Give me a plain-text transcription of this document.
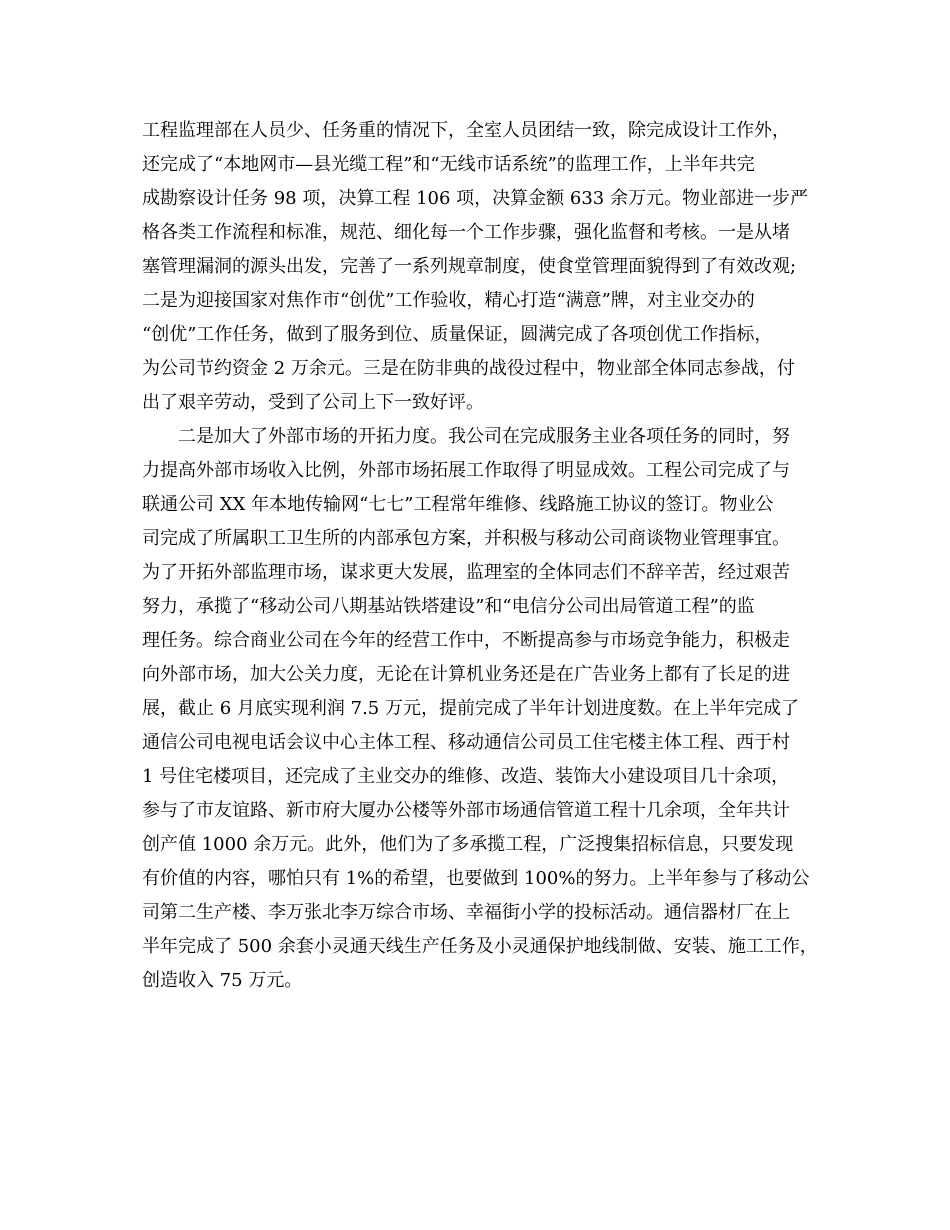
工程监理部在人员少、任务重的情况下，全室人员团结一致，除完成设计工作外，
还完成了“本地网市—县光缆工程”和“无线市话系统”的监理工作，上半年共完
成勘察设计任务 98 项，决算工程 106 项，决算金额 633 余万元。物业部进一步严
格各类工作流程和标准，规范、细化每一个工作步骤，强化监督和考核。一是从堵
塞管理漏洞的源头出发，完善了一系列规章制度，使食堂管理面貌得到了有效改观;
二是为迎接国家对焦作市“创优”工作验收，精心打造“满意”牌，对主业交办的
“创优”工作任务，做到了服务到位、质量保证，圆满完成了各项创优工作指标，
为公司节约资金 2 万余元。三是在防非典的战役过程中，物业部全体同志参战，付
出了艰辛劳动，受到了公司上下一致好评。
　　二是加大了外部市场的开拓力度。我公司在完成服务主业各项任务的同时，努
力提高外部市场收入比例，外部市场拓展工作取得了明显成效。工程公司完成了与
联通公司 XX 年本地传输网“七七”工程常年维修、线路施工协议的签订。物业公
司完成了所属职工卫生所的内部承包方案，并积极与移动公司商谈物业管理事宜。
为了开拓外部监理市场，谋求更大发展，监理室的全体同志们不辞辛苦，经过艰苦
努力，承揽了“移动公司八期基站铁塔建设”和“电信分公司出局管道工程”的监
理任务。综合商业公司在今年的经营工作中，不断提高参与市场竞争能力，积极走
向外部市场，加大公关力度，无论在计算机业务还是在广告业务上都有了长足的进
展，截止 6 月底实现利润 7.5 万元，提前完成了半年计划进度数。在上半年完成了
通信公司电视电话会议中心主体工程、移动通信公司员工住宅楼主体工程、西于村
1 号住宅楼项目，还完成了主业交办的维修、改造、装饰大小建设项目几十余项，
参与了市友谊路、新市府大厦办公楼等外部市场通信管道工程十几余项，全年共计
创产值 1000 余万元。此外，他们为了多承揽工程，广泛搜集招标信息，只要发现
有价值的内容，哪怕只有 1%的希望，也要做到 100%的努力。上半年参与了移动公
司第二生产楼、李万张北李万综合市场、幸福街小学的投标活动。通信器材厂在上
半年完成了 500 余套小灵通天线生产任务及小灵通保护地线制做、安装、施工工作，
创造收入 75 万元。
